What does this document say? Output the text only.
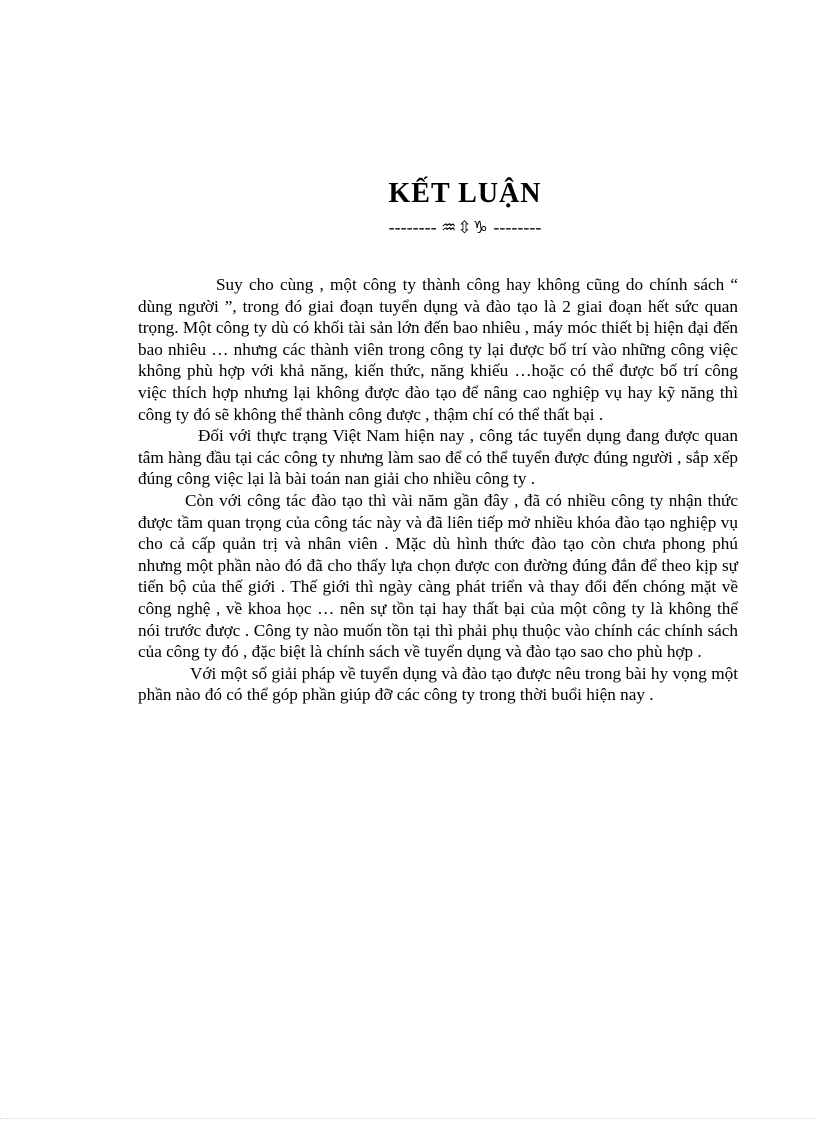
KẾT LUẬN
-------- ♒⇳♑ --------

Suy cho cùng , một công ty thành công hay không cũng do chính sách “ dùng người ”, trong đó giai đoạn tuyển dụng và đào tạo là 2 giai đoạn hết sức quan trọng. Một công ty dù có khối tài sản lớn đến bao nhiêu , máy móc thiết bị hiện đại đến bao nhiêu … nhưng các thành viên trong công ty lại được bố trí vào những công việc không phù hợp với khả năng, kiến thức, năng khiếu …hoặc có thể được bố trí công việc thích hợp nhưng lại không được đào tạo để nâng cao nghiệp vụ hay kỹ năng thì công ty đó sẽ không thể thành công được , thậm chí có thể thất bại .

Đối với thực trạng Việt Nam hiện nay , công tác tuyển dụng đang được quan tâm hàng đầu tại các công ty nhưng làm sao để có thể tuyển được đúng người , sắp xếp đúng công việc lại là bài toán nan giải cho nhiều công ty .

Còn với công tác đào tạo thì vài năm gần đây , đã có nhiều công ty nhận thức được tầm quan trọng của công tác này và đã liên tiếp mở nhiều khóa đào tạo nghiệp vụ cho cả cấp quản trị và nhân viên . Mặc dù hình thức đào tạo còn chưa phong phú nhưng một phần nào đó đã cho thấy lựa chọn được con đường đúng đắn để theo kịp sự tiến bộ của thế giới . Thế giới thì ngày càng phát triển và thay đổi đến chóng mặt về công nghệ , về khoa học … nên sự tồn tại hay thất bại của một công ty là không thể nói trước được . Công ty nào muốn tồn tại thì phải phụ thuộc vào chính các chính sách của công ty đó , đặc biệt là chính sách về tuyển dụng và đào tạo sao cho phù hợp .

Với một số giải pháp về tuyển dụng và đào tạo được nêu trong bài hy vọng một phần nào đó có thể góp phần giúp đỡ các công ty trong thời buổi hiện nay .
